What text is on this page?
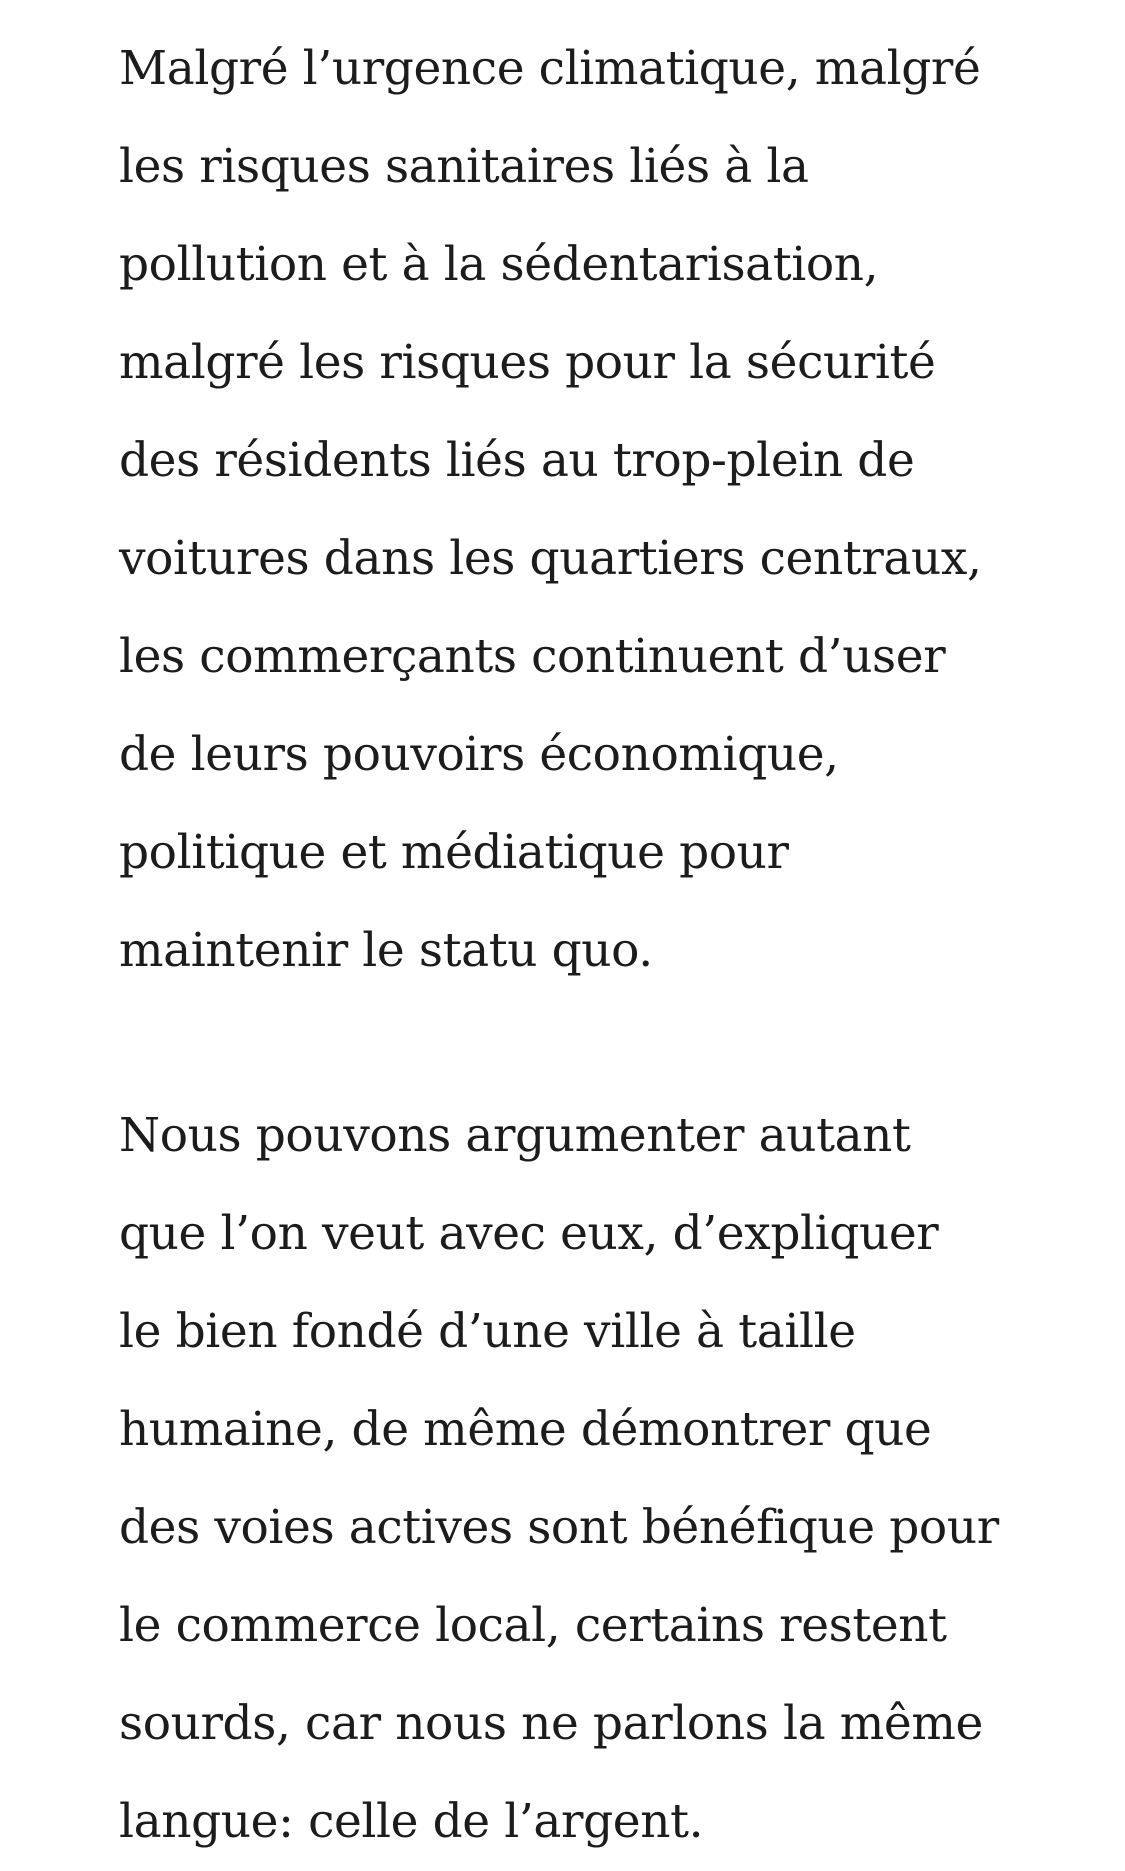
Malgré l’urgence climatique, malgré
les risques sanitaires liés à la
pollution et à la sédentarisation,
malgré les risques pour la sécurité
des résidents liés au trop-plein de
voitures dans les quartiers centraux,
les commerçants continuent d’user
de leurs pouvoirs économique,
politique et médiatique pour
maintenir le statu quo.

Nous pouvons argumenter autant
que l’on veut avec eux, d’expliquer
le bien fondé d’une ville à taille
humaine, de même démontrer que
des voies actives sont bénéfique pour
le commerce local, certains restent
sourds, car nous ne parlons la même
langue: celle de l’argent.
